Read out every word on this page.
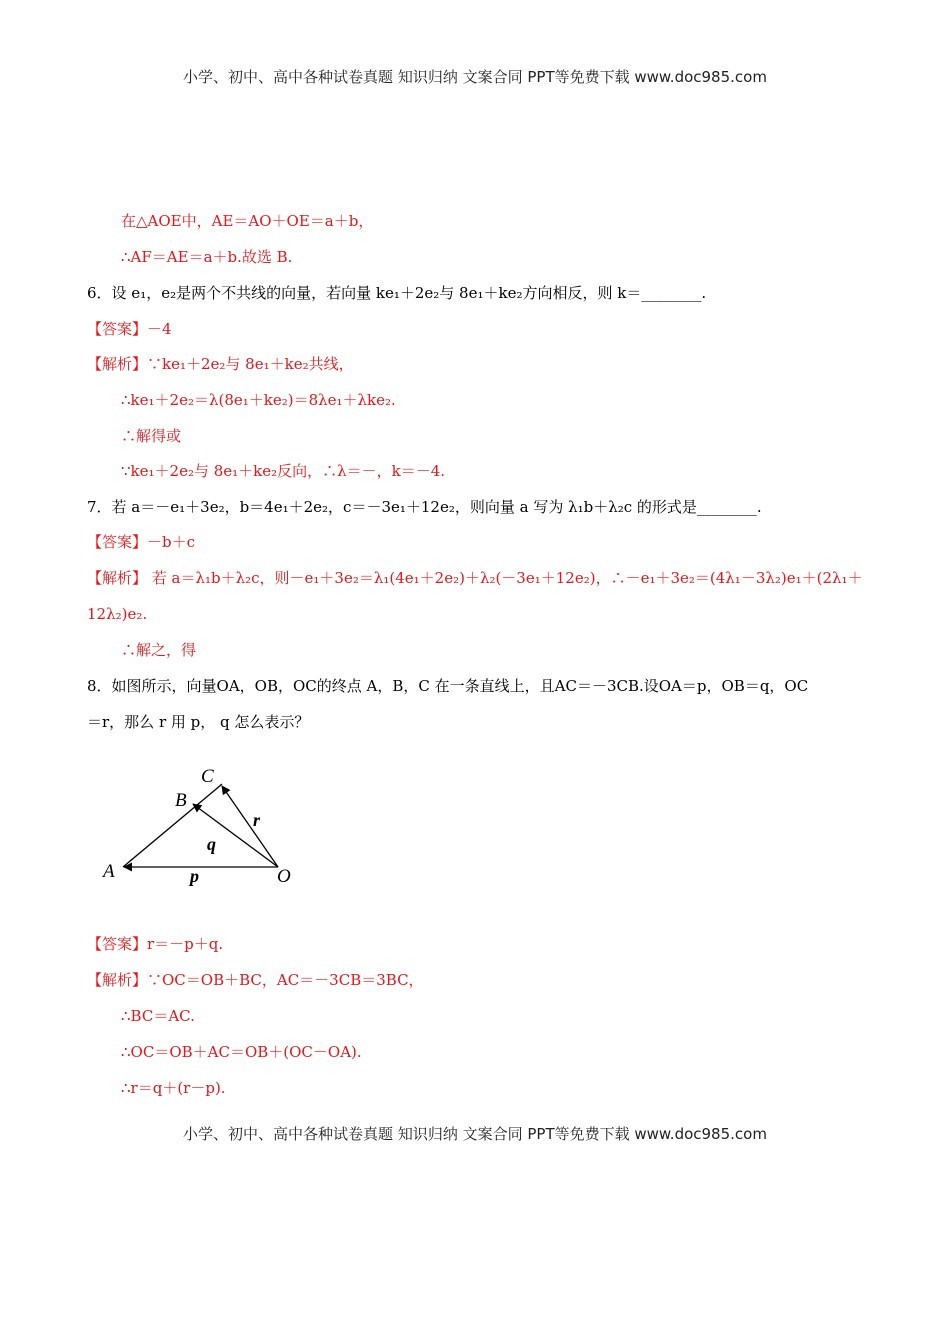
小学、初中、高中各种试卷真题 知识归纳 文案合同 PPT等免费下载 www.doc985.com
在△AOE中，AE＝AO＋OE＝a＋b，
∴AF＝AE＝a＋b.故选 B.
6．设 e₁，e₂是两个不共线的向量，若向量 ke₁＋2e₂与 8e₁＋ke₂方向相反，则 k＝________.
【答案】－4
【解析】∵ke₁＋2e₂与 8e₁＋ke₂共线，
∴ke₁＋2e₂＝λ(8e₁＋ke₂)＝8λe₁＋λke₂.
∴解得或
∵ke₁＋2e₂与 8e₁＋ke₂反向，∴λ＝－，k＝－4.
7．若 a＝－e₁＋3e₂，b＝4e₁＋2e₂，c＝－3e₁＋12e₂，则向量 a 写为 λ₁b＋λ₂c 的形式是________.
【答案】－b＋c
【解析】 若 a＝λ₁b＋λ₂c，则－e₁＋3e₂＝λ₁(4e₁＋2e₂)＋λ₂(－3e₁＋12e₂)，∴－e₁＋3e₂＝(4λ₁－3λ₂)e₁＋(2λ₁＋
12λ₂)e₂.
∴解之，得
8．如图所示，向量OA，OB，OC的终点 A，B，C 在一条直线上，且AC＝－3CB.设OA＝p，OB＝q，OC
＝r，那么 r 用 p， q 怎么表示？
A
B
C
O
p
q
r
【答案】r＝－p＋q.
【解析】∵OC＝OB＋BC，AC＝－3CB＝3BC，
∴BC＝AC.
∴OC＝OB＋AC＝OB＋(OC－OA).
∴r＝q＋(r－p).
小学、初中、高中各种试卷真题 知识归纳 文案合同 PPT等免费下载 www.doc985.com
